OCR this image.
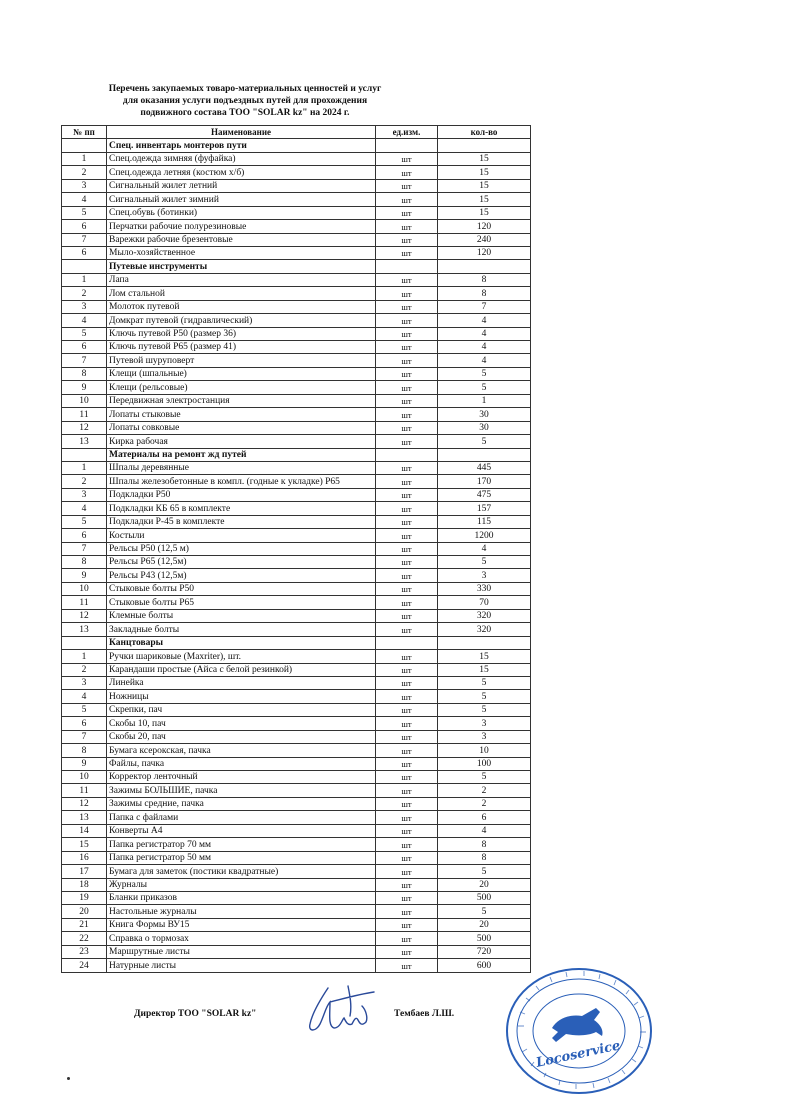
Перечень закупаемых товаро-материальных ценностей и услуг
для оказания услуги подъездных путей для прохождения
подвижного состава ТОО "SOLAR kz" на 2024 г.
№ пп	Наименование	ед.изм.	кол-во
	Спец. инвентарь монтеров пути		
1	Спец.одежда зимняя (фуфайка)	шт	15
2	Спец.одежда летняя (костюм х/б)	шт	15
3	Сигнальный жилет летний	шт	15
4	Сигнальный жилет зимний	шт	15
5	Спец.обувь (ботинки)	шт	15
6	Перчатки рабочие полурезиновые	шт	120
7	Варежки рабочие брезентовые	шт	240
6	Мыло-хозяйственное	шт	120
	Путевые инструменты		
1	Лапа	шт	8
2	Лом стальной	шт	8
3	Молоток путевой	шт	7
4	Домкрат путевой (гидравлический)	шт	4
5	Ключь путевой Р50 (размер 36)	шт	4
6	Ключь путевой Р65 (размер 41)	шт	4
7	Путевой шуруповерт	шт	4
8	Клещи (шпальные)	шт	5
9	Клещи (рельсовые)	шт	5
10	Передвижная электростанция	шт	1
11	Лопаты стыковые	шт	30
12	Лопаты совковые	шт	30
13	Кирка рабочая	шт	5
	Материалы на ремонт жд путей		
1	Шпалы деревянные	шт	445
2	Шпалы железобетонные в компл. (годные к укладке) Р65	шт	170
3	Подкладки Р50	шт	475
4	Подкладки КБ 65 в комплекте	шт	157
5	Подкладки Р-45 в комплекте	шт	115
6	Костыли	шт	1200
7	Рельсы Р50 (12,5 м)	шт	4
8	Рельсы Р65 (12,5м)	шт	5
9	Рельсы Р43 (12,5м)	шт	3
10	Стыковые болты Р50	шт	330
11	Стыковые болты Р65	шт	70
12	Клемные болты	шт	320
13	Закладные болты	шт	320
	Канцтовары		
1	Ручки шариковые (Maxriter), шт.	шт	15
2	Карандаши простые (Айса с белой резинкой)	шт	15
3	Линейка	шт	5
4	Ножницы	шт	5
5	Скрепки, пач	шт	5
6	Скобы 10, пач	шт	3
7	Скобы 20, пач	шт	3
8	Бумага ксерокская, пачка	шт	10
9	Файлы, пачка	шт	100
10	Корректор ленточный	шт	5
11	Зажимы БОЛЬШИЕ, пачка	шт	2
12	Зажимы средние, пачка	шт	2
13	Папка с файлами	шт	6
14	Конверты А4	шт	4
15	Папка регистратор 70 мм	шт	8
16	Папка регистратор 50 мм	шт	8
17	Бумага для заметок (постики квадратные)	шт	5
18	Журналы	шт	20
19	Бланки приказов	шт	500
20	Настольные журналы	шт	5
21	Книга Формы ВУ15	шт	20
22	Справка о тормозах	шт	500
23	Маршрутные листы	шт	720
24	Натурные листы	шт	600
Директор ТОО "SOLAR kz"	Тембаев Л.Ш.
Locoservice
